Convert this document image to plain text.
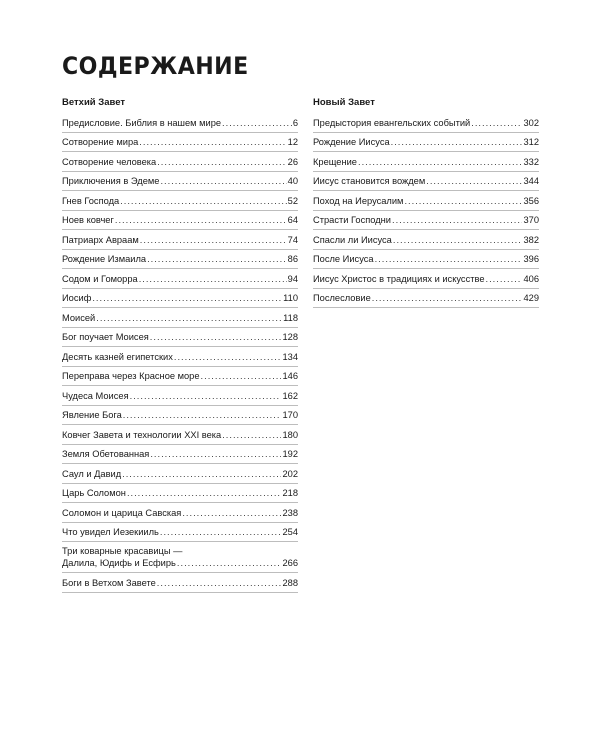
СОДЕРЖАНИЕ
Ветхий Завет
Предисловие. Библия в нашем мире .....	6
Сотворение мира .....	12
Сотворение человека .....	26
Приключения в Эдеме .....	40
Гнев Господа .....	52
Ноев ковчег .....	64
Патриарх Авраам .....	74
Рождение Измаила .....	86
Содом и Гоморра .....	94
Иосиф .....	110
Моисей .....	118
Бог поучает Моисея .....	128
Десять казней египетских .....	134
Переправа через Красное море .....	146
Чудеса Моисея .....	162
Явление Бога .....	170
Ковчег Завета и технологии XXI века .....	180
Земля Обетованная .....	192
Саул и Давид .....	202
Царь Соломон .....	218
Соломон и царица Савская .....	238
Что увидел Иезекииль .....	254
Три коварные красавицы —
Далила, Юдифь и Есфирь .....	266
Боги в Ветхом Завете .....	288
Новый Завет
Предыстория евангельских событий .....	302
Рождение Иисуса .....	312
Крещение .....	332
Иисус становится вождем .....	344
Поход на Иерусалим .....	356
Страсти Господни .....	370
Спасли ли Иисуса .....	382
После Иисуса .....	396
Иисус Христос в традициях и искусстве .....	406
Послесловие .....	429
